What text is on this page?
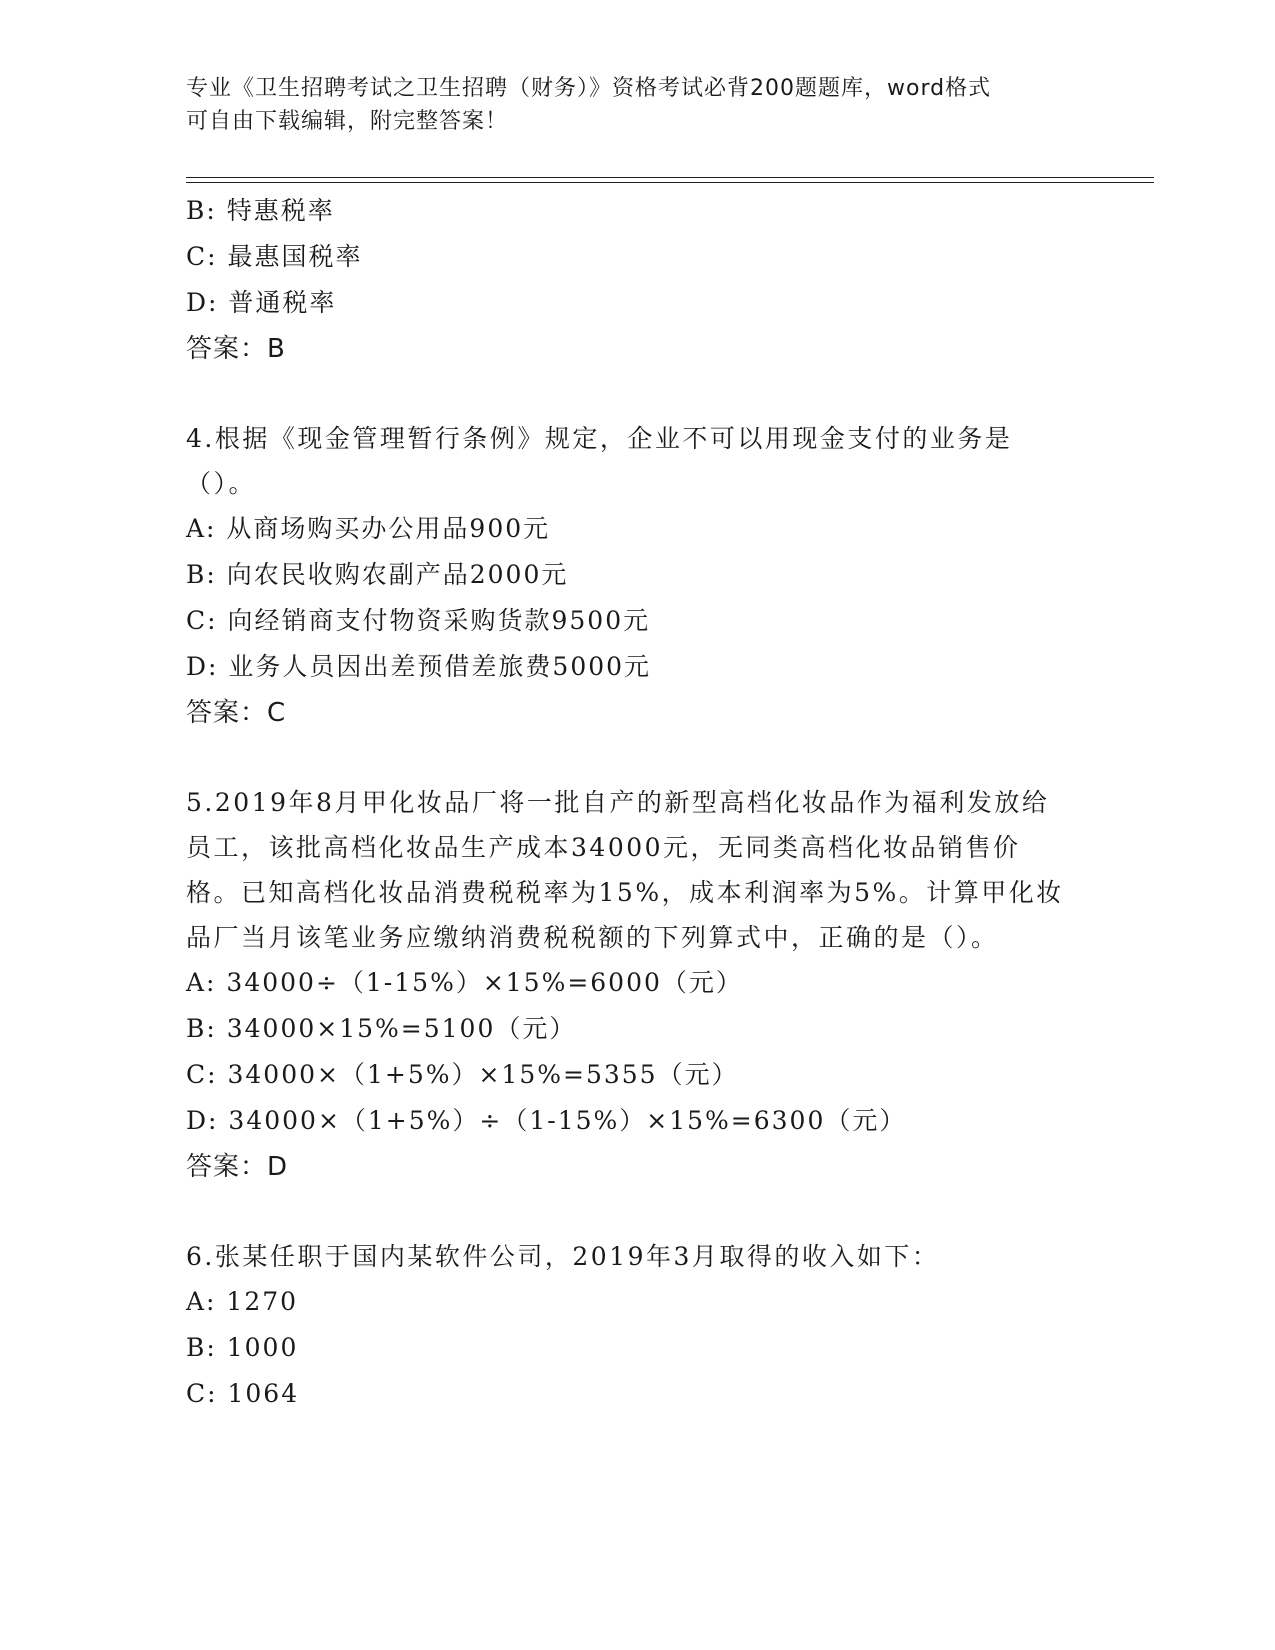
专业《卫生招聘考试之卫生招聘（财务）》资格考试必背200题题库，word格式
可自由下载编辑，附完整答案！
B: 特惠税率
C: 最惠国税率
D: 普通税率
答案：B
4.根据《现金管理暂行条例》规定，企业不可以用现金支付的业务是（）。
A: 从商场购买办公用品900元
B: 向农民收购农副产品2000元
C: 向经销商支付物资采购货款9500元
D: 业务人员因出差预借差旅费5000元
答案：C
5.2019年8月甲化妆品厂将一批自产的新型高档化妆品作为福利发放给员工，该批高档化妆品生产成本34000元，无同类高档化妆品销售价格。已知高档化妆品消费税税率为15%，成本利润率为5%。计算甲化妆品厂当月该笔业务应缴纳消费税税额的下列算式中，正确的是（）。
A: 34000÷（1-15%）×15%=6000（元）
B: 34000×15%=5100（元）
C: 34000×（1+5%）×15%=5355（元）
D: 34000×（1+5%）÷（1-15%）×15%=6300（元）
答案：D
6.张某任职于国内某软件公司，2019年3月取得的收入如下：
A: 1270
B: 1000
C: 1064
